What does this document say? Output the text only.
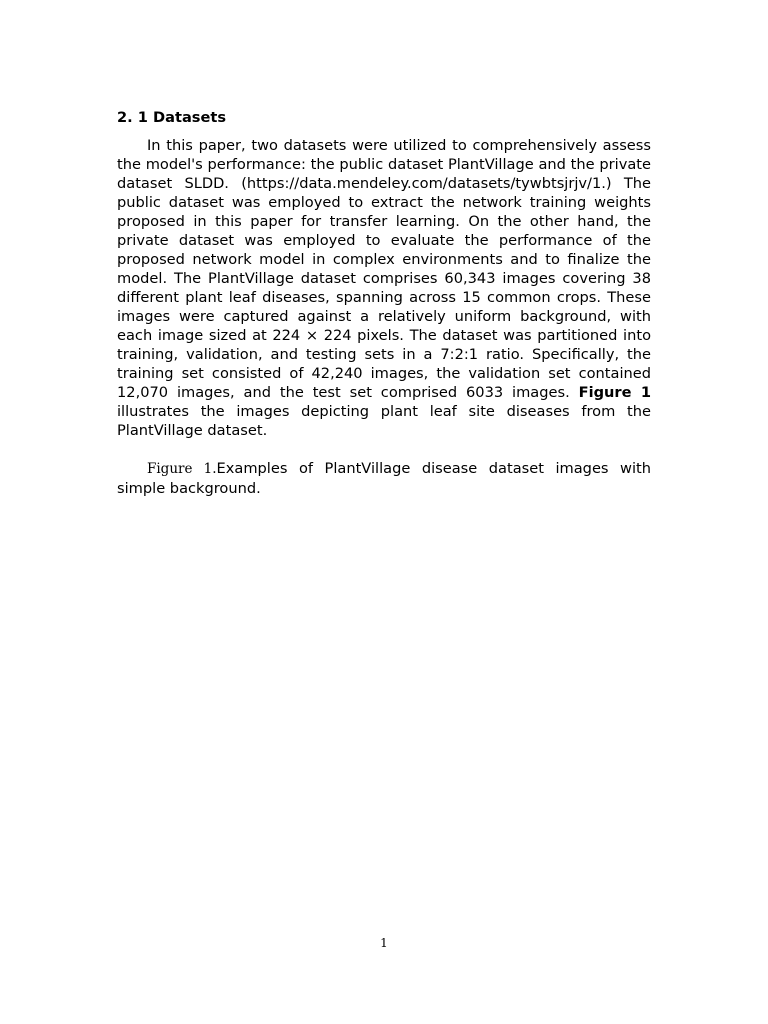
2. 1 Datasets

In this paper, two datasets were utilized to comprehensively assess the model's performance: the public dataset PlantVillage and the private dataset SLDD. (https://data.mendeley.com/datasets/tywbtsjrjv/1.) The public dataset was employed to extract the network training weights proposed in this paper for transfer learning. On the other hand, the private dataset was employed to evaluate the performance of the proposed network model in complex environments and to finalize the model. The PlantVillage dataset comprises 60,343 images covering 38 different plant leaf diseases, spanning across 15 common crops. These images were captured against a relatively uniform background, with each image sized at 224 × 224 pixels. The dataset was partitioned into training, validation, and testing sets in a 7:2:1 ratio. Specifically, the training set consisted of 42,240 images, the validation set contained 12,070 images, and the test set comprised 6033 images. Figure 1 illustrates the images depicting plant leaf site diseases from the PlantVillage dataset.

Figure 1.Examples of PlantVillage disease dataset images with simple background.

1
